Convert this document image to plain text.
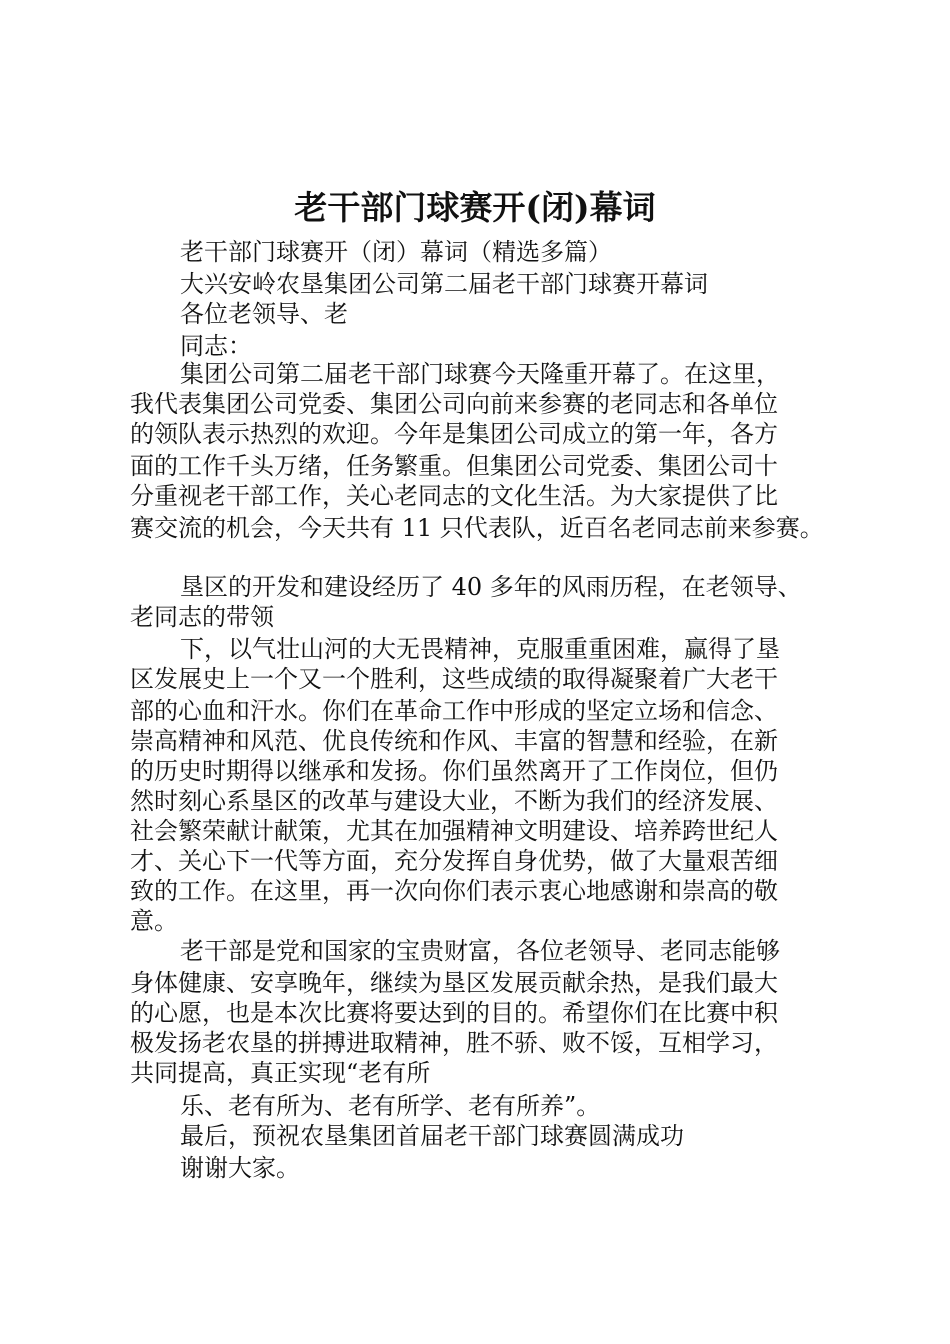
老干部门球赛开(闭)幕词
老干部门球赛开（闭）幕词（精选多篇）
大兴安岭农垦集团公司第二届老干部门球赛开幕词
各位老领导、老
同志：
集团公司第二届老干部门球赛今天隆重开幕了。在这里，
我代表集团公司党委、集团公司向前来参赛的老同志和各单位
的领队表示热烈的欢迎。今年是集团公司成立的第一年，各方
面的工作千头万绪，任务繁重。但集团公司党委、集团公司十
分重视老干部工作，关心老同志的文化生活。为大家提供了比
赛交流的机会，今天共有 11 只代表队，近百名老同志前来参赛。
垦区的开发和建设经历了 40 多年的风雨历程，在老领导、
老同志的带领
下，以气壮山河的大无畏精神，克服重重困难，赢得了垦
区发展史上一个又一个胜利，这些成绩的取得凝聚着广大老干
部的心血和汗水。你们在革命工作中形成的坚定立场和信念、
崇高精神和风范、优良传统和作风、丰富的智慧和经验，在新
的历史时期得以继承和发扬。你们虽然离开了工作岗位，但仍
然时刻心系垦区的改革与建设大业，不断为我们的经济发展、
社会繁荣献计献策，尤其在加强精神文明建设、培养跨世纪人
才、关心下一代等方面，充分发挥自身优势，做了大量艰苦细
致的工作。在这里，再一次向你们表示衷心地感谢和崇高的敬
意。
老干部是党和国家的宝贵财富，各位老领导、老同志能够
身体健康、安享晚年，继续为垦区发展贡献余热，是我们最大
的心愿，也是本次比赛将要达到的目的。希望你们在比赛中积
极发扬老农垦的拼搏进取精神，胜不骄、败不馁，互相学习，
共同提高，真正实现“老有所
乐、老有所为、老有所学、老有所养”。
最后，预祝农垦集团首届老干部门球赛圆满成功
谢谢大家。
